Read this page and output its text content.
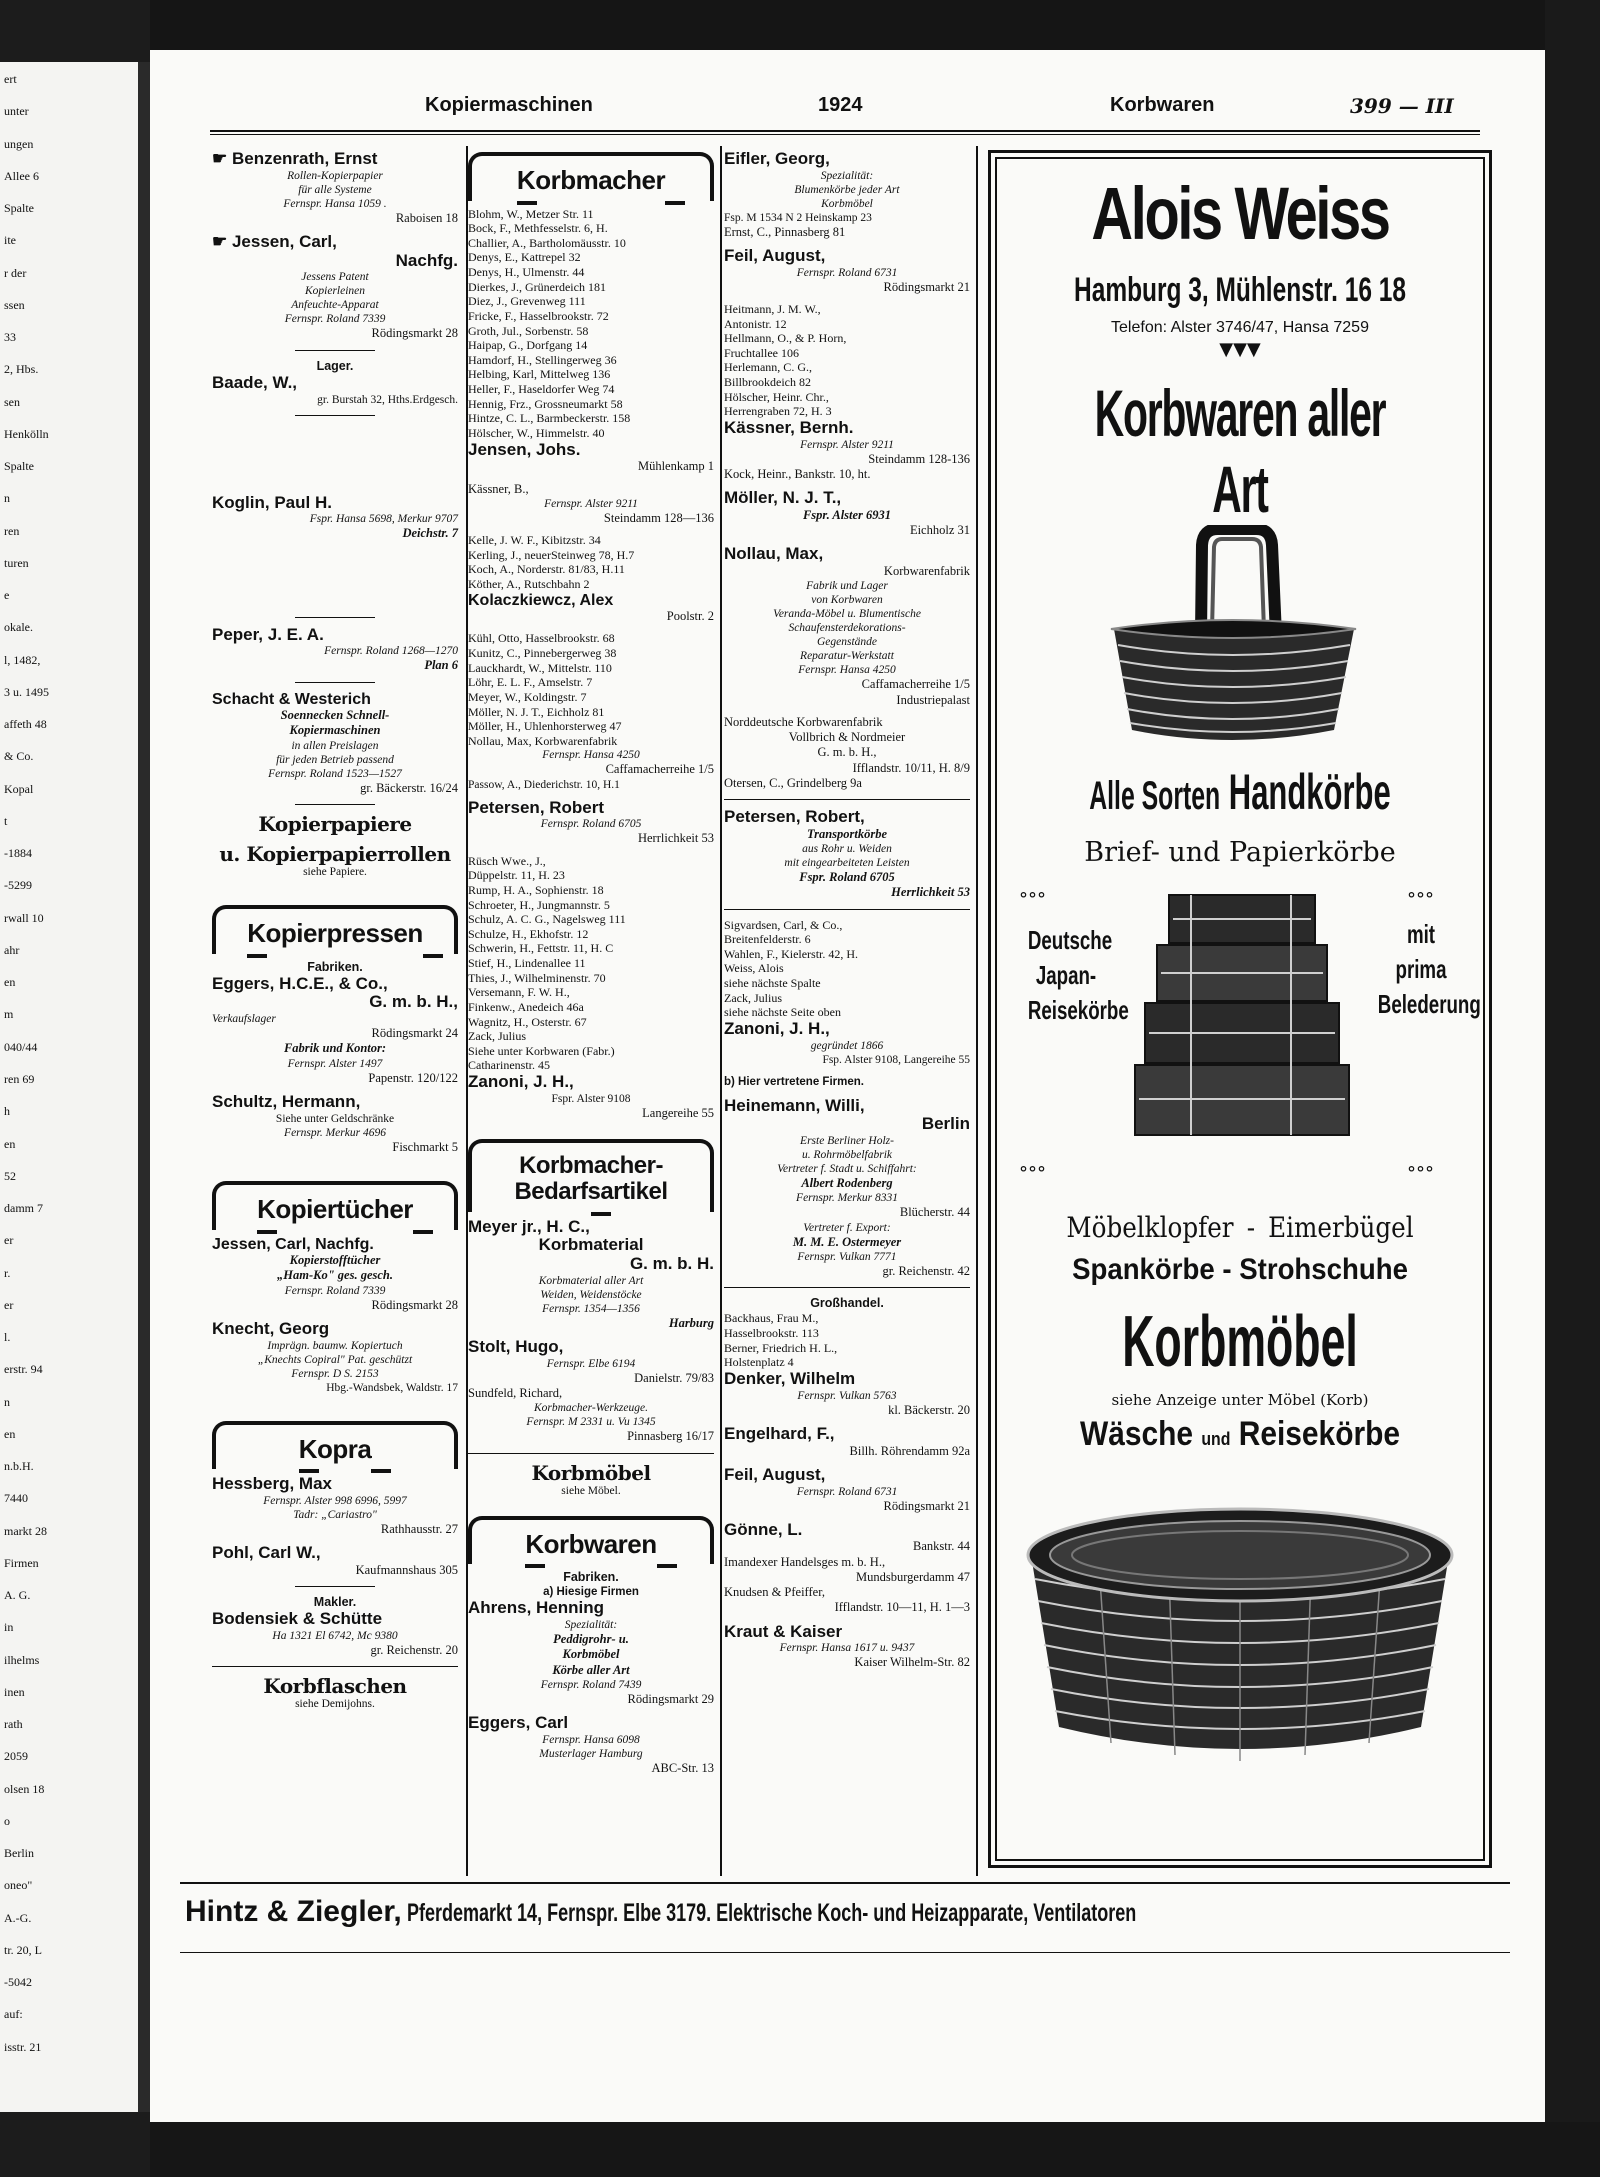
ert
unter
ungen
Allee 6
Spalte
ite
r der
ssen
33
2, Hbs.
sen
Henkölln
Spalte
n
ren
turen
e
okale.
l, 1482,
3 u. 1495
affeth 48
& Co.
Kopal
t
-1884
-5299
rwall 10
ahr
en
m
040/44
ren 69
h
en
52
damm 7
er
r.
er
l.
erstr. 94
n
en
n.b.H.
7440
markt 28
Firmen
A. G.
in
ilhelms
inen
rath
2059
olsen 18
o
Berlin
oneo"
A.-G.
tr. 20, L
-5042
auf:
isstr. 21
Kopiermaschinen	1924	Korbwaren	399 — III
☛ Benzenrath, Ernst
Rollen-Kopierpapier
für alle Systeme
Fernspr. Hansa 1059 .
Raboisen 18
☛ Jessen, Carl,
Nachfg.
Jessens Patent
Kopierleinen
Anfeuchte-Apparat
Fernspr. Roland 7339
Rödingsmarkt 28
Lager.
Baade, W.,
gr. Burstah 32, Hths.Erdgesch.
Koglin, Paul H.
Fspr. Hansa 5698, Merkur 9707
Deichstr. 7
Peper, J. E. A.
Fernspr. Roland 1268—1270
Plan 6
Schacht & Westerich
Soennecken Schnell-
Kopiermaschinen
in allen Preislagen
für jeden Betrieb passend
Fernspr. Roland 1523—1527
gr. Bäckerstr. 16/24
Kopierpapiere
u. Kopierpapierrollen
siehe Papiere.
Kopierpressen
Fabriken.
Eggers, H.C.E., & Co.,
G. m. b. H.,
Verkaufslager
Rödingsmarkt 24
Fabrik und Kontor:
Fernspr. Alster 1497
Papenstr. 120/122
Schultz, Hermann,
Siehe unter Geldschränke
Fernspr. Merkur 4696
Fischmarkt 5
Kopiertücher
Jessen, Carl, Nachfg.
Kopierstofftücher
„Ham-Ko" ges. gesch.
Fernspr. Roland 7339
Rödingsmarkt 28
Knecht, Georg
Imprägn. baumw. Kopiertuch
„Knechts Copiral" Pat. geschützt
Fernspr. D S. 2153
Hbg.-Wandsbek, Waldstr. 17
Kopra
Hessberg, Max
Fernspr. Alster 998 6996, 5997
Tadr: „Cariastro"
Rathhausstr. 27
Pohl, Carl W.,
Kaufmannshaus 305
Makler.
Bodensiek & Schütte
Ha 1321 El 6742, Mc 9380
gr. Reichenstr. 20
Korbflaschen
siehe Demijohns.
Korbmacher
Blohm, W., Metzer Str. 11
Bock, F., Methfesselstr. 6, H.
Challier, A., Bartholomäusstr. 10
Denys, E., Kattrepel 32
Denys, H., Ulmenstr. 44
Dierkes, J., Grünerdeich 181
Diez, J., Grevenweg 111
Fricke, F., Hasselbrookstr. 72
Groth, Jul., Sorbenstr. 58
Haipap, G., Dorfgang 14
Hamdorf, H., Stellingerweg 36
Helbing, Karl, Mittelweg 136
Heller, F., Haseldorfer Weg 74
Hennig, Frz., Grossneumarkt 58
Hintze, C. L., Barmbeckerstr. 158
Hölscher, W., Himmelstr. 40
Jensen, Johs.
Mühlenkamp 1
Kässner, B.,
Fernspr. Alster 9211
Steindamm 128—136
Kelle, J. W. F., Kibitzstr. 34
Kerling, J., neuerSteinweg 78, H.7
Koch, A., Norderstr. 81/83, H.11
Köther, A., Rutschbahn 2
Kolaczkiewcz, Alex
Poolstr. 2
Kühl, Otto, Hasselbrookstr. 68
Kunitz, C., Pinnebergerweg 38
Lauckhardt, W., Mittelstr. 110
Löhr, E. L. F., Amselstr. 7
Meyer, W., Koldingstr. 7
Möller, N. J. T., Eichholz 81
Möller, H., Uhlenhorsterweg 47
Nollau, Max, Korbwarenfabrik
Fernspr. Hansa 4250
Caffamacherreihe 1/5
Passow, A., Diederichstr. 10, H.1
Petersen, Robert
Fernspr. Roland 6705
Herrlichkeit 53
Rüsch Wwe., J.,
Düppelstr. 11, H. 23
Rump, H. A., Sophienstr. 18
Schroeter, H., Jungmannstr. 5
Schulz, A. C. G., Nagelsweg 111
Schulze, H., Ekhofstr. 12
Schwerin, H., Fettstr. 11, H. C
Stief, H., Lindenallee 11
Thies, J., Wilhelminenstr. 70
Versemann, F. W. H.,
Finkenw., Anedeich 46a
Wagnitz, H., Osterstr. 67
Zack, Julius
Siehe unter Korbwaren (Fabr.)
Catharinenstr. 45
Zanoni, J. H.,
Fspr. Alster 9108
Langereihe 55
Korbmacher-
Bedarfsartikel
Meyer jr., H. C.,
Korbmaterial
G. m. b. H.
Korbmaterial aller Art
Weiden, Weidenstöcke
Fernspr. 1354—1356
Harburg
Stolt, Hugo,
Fernspr. Elbe 6194
Danielstr. 79/83
Sundfeld, Richard,
Korbmacher-Werkzeuge.
Fernspr. M 2331 u. Vu 1345
Pinnasberg 16/17
Korbmöbel
siehe Möbel.
Korbwaren
Fabriken.
a) Hiesige Firmen
Ahrens, Henning
Spezialität:
Peddigrohr- u.
Korbmöbel
Körbe aller Art
Fernspr. Roland 7439
Rödingsmarkt 29
Eggers, Carl
Fernspr. Hansa 6098
Musterlager Hamburg
ABC-Str. 13
Eifler, Georg,
Spezialität:
Blumenkörbe jeder Art
Korbmöbel
Fsp. M 1534 N 2 Heinskamp 23
Ernst, C., Pinnasberg 81
Feil, August,
Fernspr. Roland 6731
Rödingsmarkt 21
Heitmann, J. M. W.,
Antonistr. 12
Hellmann, O., & P. Horn,
Fruchtallee 106
Herlemann, C. G.,
Billbrookdeich 82
Hölscher, Heinr. Chr.,
Herrengraben 72, H. 3
Kässner, Bernh.
Fernspr. Alster 9211
Steindamm 128-136
Kock, Heinr., Bankstr. 10, ht.
Möller, N. J. T.,
Fspr. Alster 6931
Eichholz 31
Nollau, Max,
Korbwarenfabrik
Fabrik und Lager
von Korbwaren
Veranda-Möbel u. Blumentische
Schaufensterdekorations-
Gegenstände
Reparatur-Werkstatt
Fernspr. Hansa 4250
Caffamacherreihe 1/5
Industriepalast
Norddeutsche Korbwarenfabrik
Vollbrich & Nordmeier
G. m. b. H.,
Ifflandstr. 10/11, H. 8/9
Otersen, C., Grindelberg 9a
Petersen, Robert,
Transportkörbe
aus Rohr u. Weiden
mit eingearbeiteten Leisten
Fspr. Roland 6705
Herrlichkeit 53
Sigvardsen, Carl, & Co.,
Breitenfelderstr. 6
Wahlen, F., Kielerstr. 42, H.
Weiss, Alois
siehe nächste Spalte
Zack, Julius
siehe nächste Seite oben
Zanoni, J. H.,
gegründet 1866
Fsp. Alster 9108, Langereihe 55
b) Hier vertretene Firmen.
Heinemann, Willi,
Berlin
Erste Berliner Holz-
u. Rohrmöbelfabrik
Vertreter f. Stadt u. Schiffahrt:
Albert Rodenberg
Fernspr. Merkur 8331
Blücherstr. 44
Vertreter f. Export:
M. M. E. Ostermeyer
Fernspr. Vulkan 7771
gr. Reichenstr. 42
Großhandel.
Backhaus, Frau M.,
Hasselbrookstr. 113
Berner, Friedrich H. L.,
Holstenplatz 4
Denker, Wilhelm
Fernspr. Vulkan 5763
kl. Bäckerstr. 20
Engelhard, F.,
Billh. Röhrendamm 92a
Feil, August,
Fernspr. Roland 6731
Rödingsmarkt 21
Gönne, L.
Bankstr. 44
Imandexer Handelsges m. b. H.,
Mundsburgerdamm 47
Knudsen & Pfeiffer,
Ifflandstr. 10—11, H. 1—3
Kraut & Kaiser
Fernspr. Hansa 1617 u. 9437
Kaiser Wilhelm-Str. 82
Alois Weiss
Hamburg 3, Mühlenstr. 16 18
Telefon: Alster 3746/47, Hansa 7259
▼▼▼
Korbwaren aller Art
Alle Sorten Handkörbe
Brief- und Papierkörbe
°°°	°°°
Deutsche
Japan-
Reisekörbe
mit
prima
Belederung
°°°	°°°
Möbelklopfer - Eimerbügel
Spankörbe - Strohschuhe
Korbmöbel
siehe Anzeige unter Möbel (Korb)
Wäsche und Reisekörbe
Hintz & Ziegler, Pferdemarkt 14, Fernspr. Elbe 3179. Elektrische Koch- und Heizapparate, Ventilatoren
